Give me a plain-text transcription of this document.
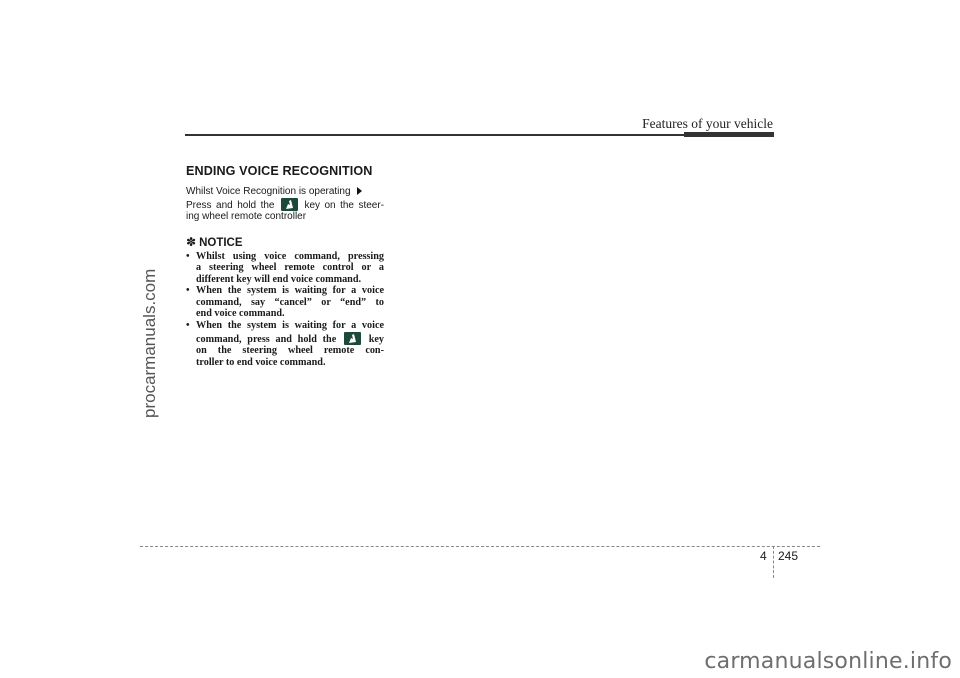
Features of your vehicle
procarmanuals.com
ENDING VOICE RECOGNITION

Whilst Voice Recognition is operating
Press and hold the	key on the steer-
ing wheel remote controller

✽ NOTICE
• Whilst using voice command, pressing
a steering wheel remote control or a
different key will end voice command.
• When the system is waiting for a voice
command, say “cancel” or “end” to
end voice command.
• When the system is waiting for a voice
command, press and hold the	key
on the steering wheel remote con-
troller to end voice command.
4 245
carmanualsonline.info
